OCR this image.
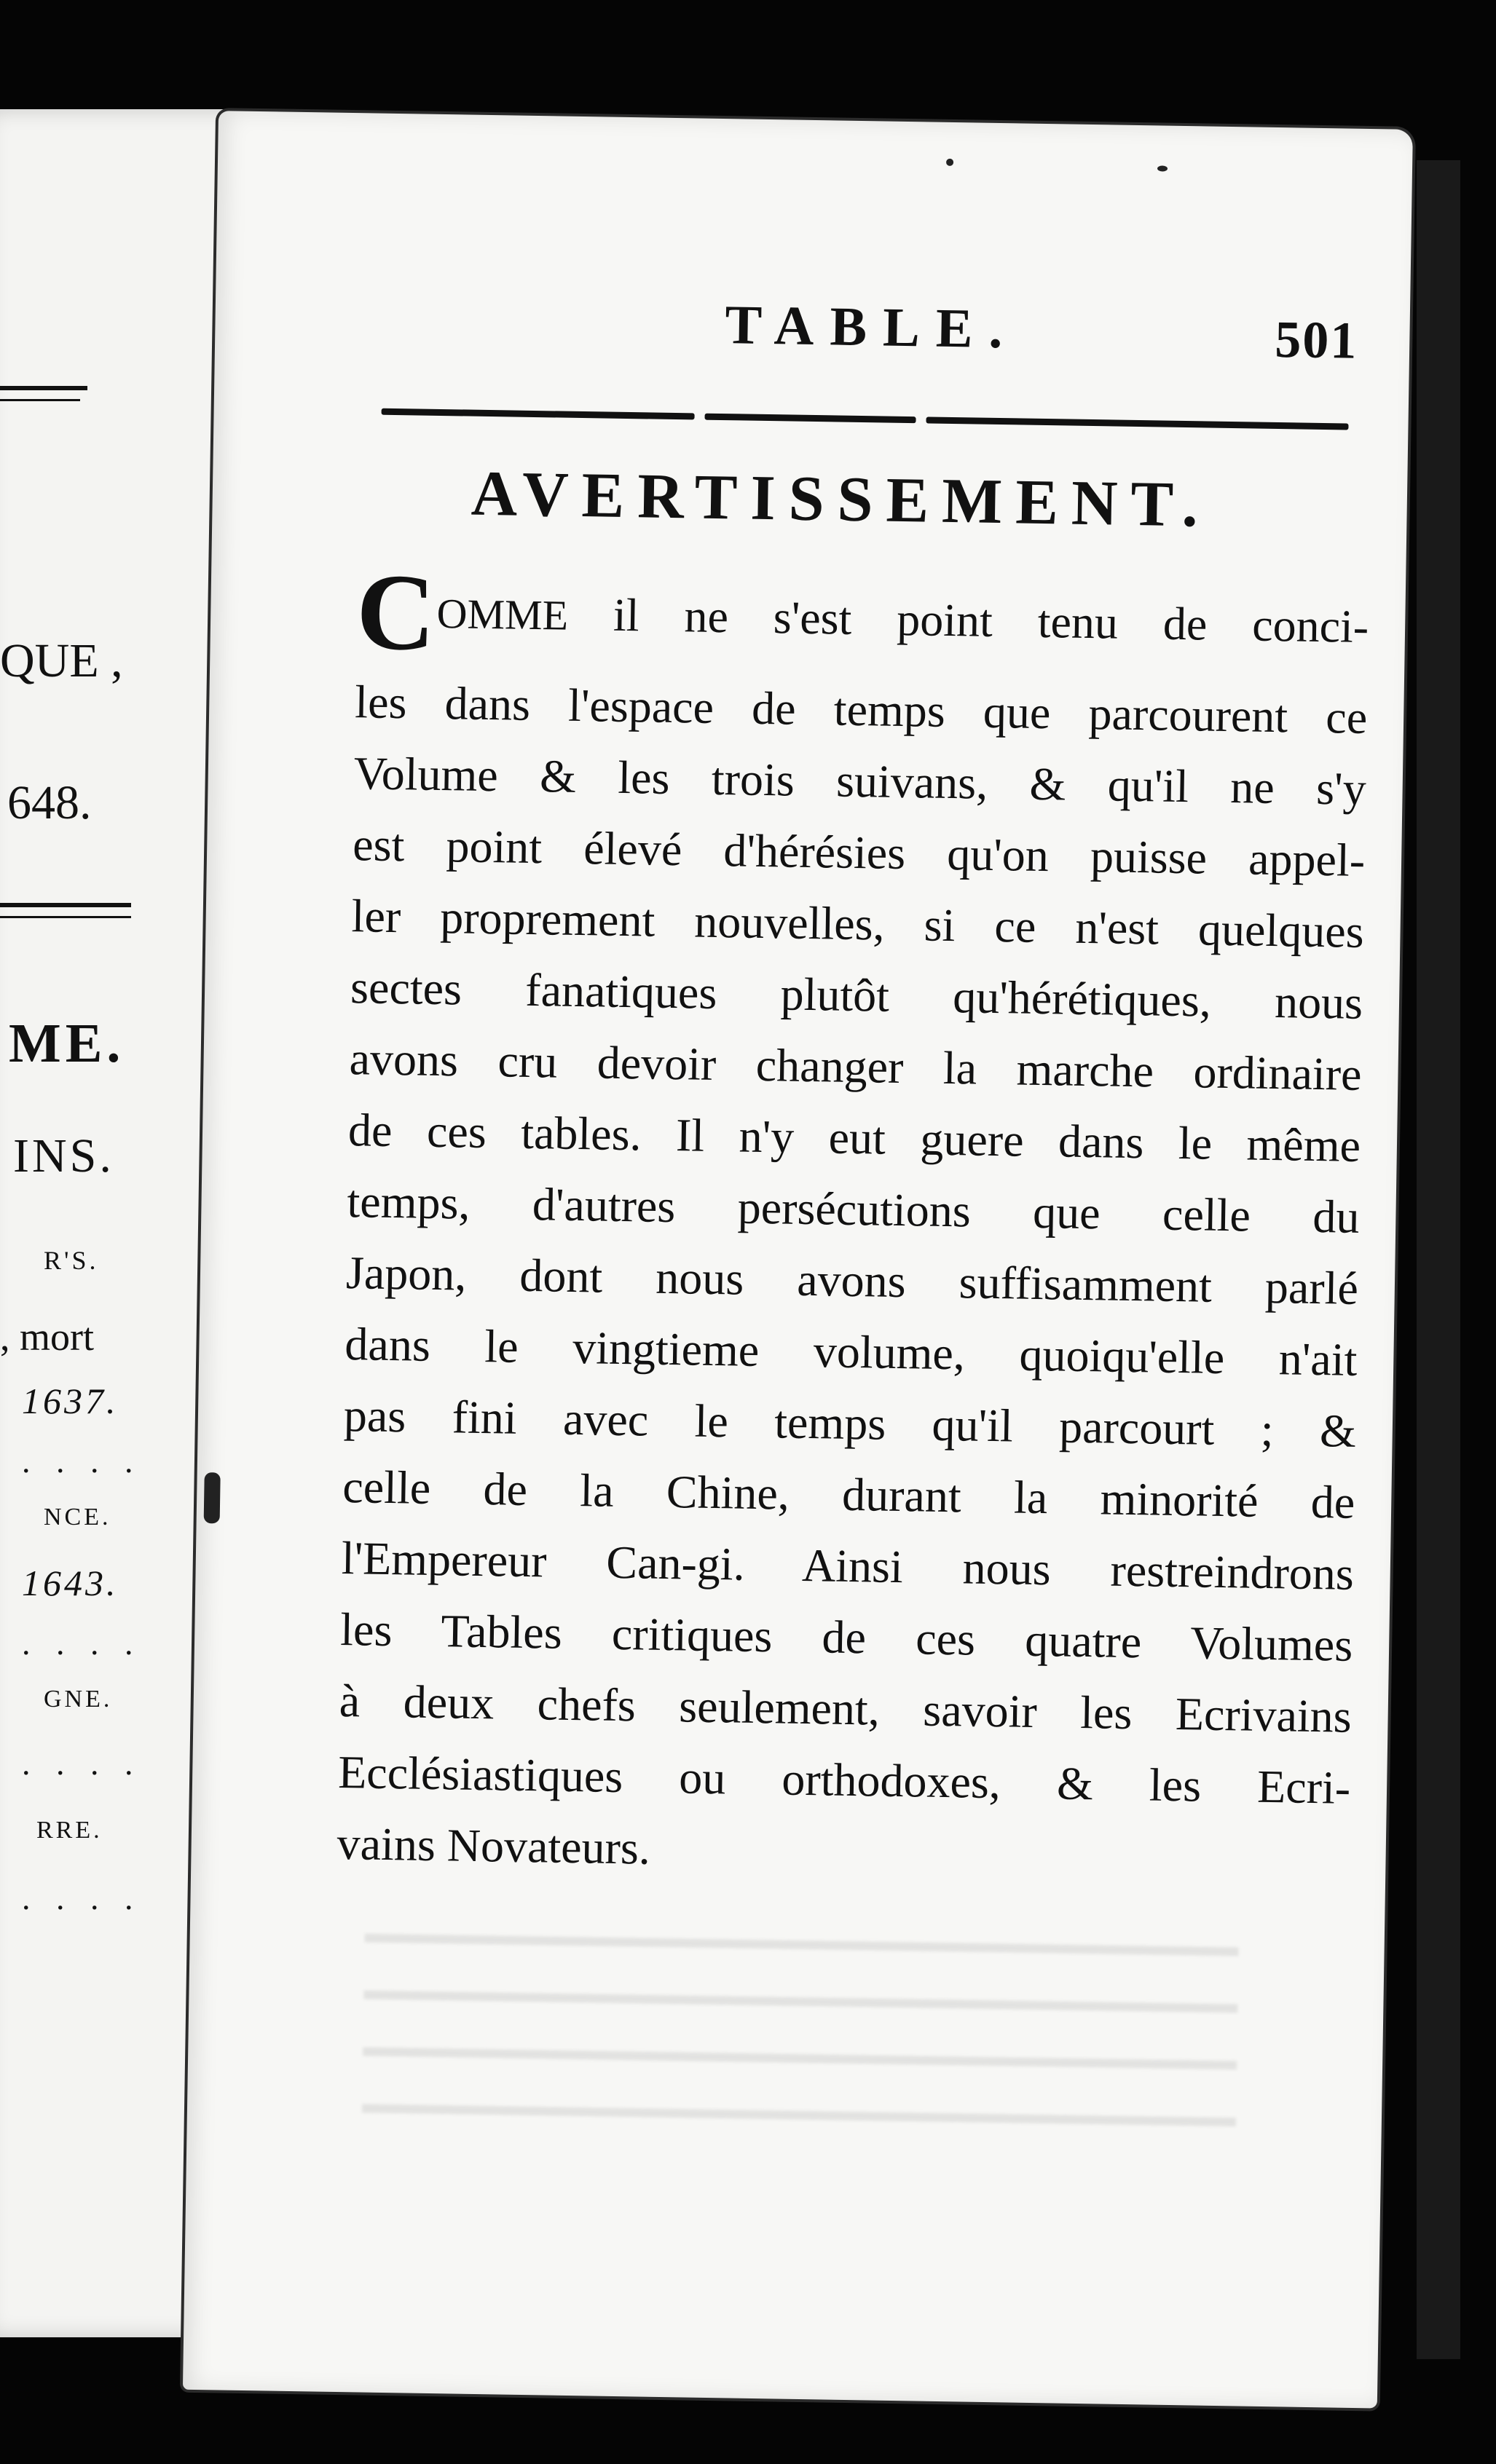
QUE ,
648.
ME.
INS.
R'S.
, mort
1637.
. . . .
NCE.
1643.
. . . .
GNE.
. . . .
RRE.
. . . .
TABLE.	501
AVERTISSEMENT.
COMME il ne s'est point tenu de conci-
les dans l'espace de temps que parcourent ce
Volume & les trois suivans, & qu'il ne s'y
est point élevé d'hérésies qu'on puisse appel-
ler proprement nouvelles, si ce n'est quelques
sectes fanatiques plutôt qu'hérétiques, nous
avons cru devoir changer la marche ordinaire
de ces tables. Il n'y eut guere dans le même
temps, d'autres persécutions que celle du
Japon, dont nous avons suffisamment parlé
dans le vingtieme volume, quoiqu'elle n'ait
pas fini avec le temps qu'il parcourt ; &
celle de la Chine, durant la minorité de
l'Empereur Can-gi. Ainsi nous restreindrons
les Tables critiques de ces quatre Volumes
à deux chefs seulement, savoir les Ecrivains
Ecclésiastiques ou orthodoxes, & les Ecri-
vains Novateurs.
